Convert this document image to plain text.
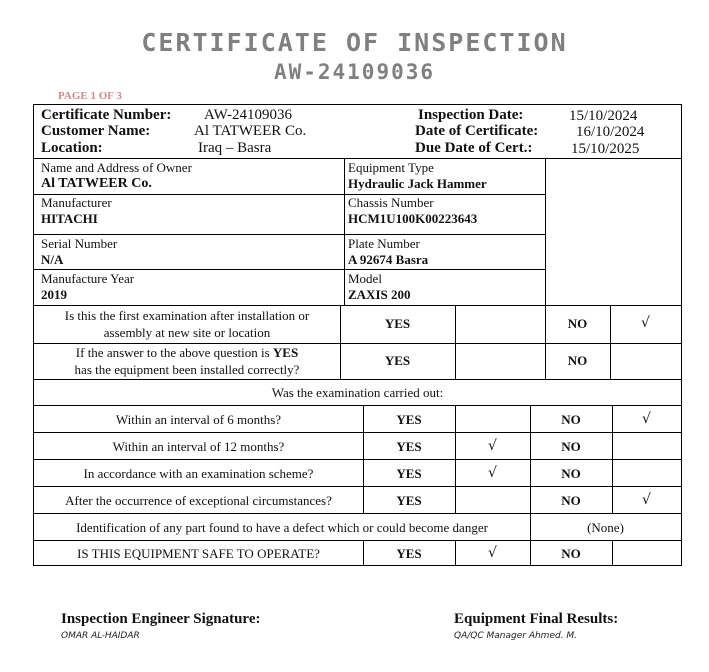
CERTIFICATE OF INSPECTION
AW-24109036
PAGE 1 OF 3
Certificate Number: AW-24109036
Customer Name:	Al TATWEER Co.
Location:	Iraq – Basra
Inspection Date:	15/10/2024
Date of Certificate:	16/10/2024
Due Date of Cert.:	15/10/2025
Name and Address of Owner
Al TATWEER Co.
Equipment Type
Hydraulic Jack Hammer
Manufacturer
HITACHI
Chassis Number
HCM1U100K00223643
Serial Number
N/A
Plate Number
A 92674 Basra
Manufacture Year
2019
Model
ZAXIS 200
Is this the first examination after installation or
assembly at new site or location
YES	NO	√
If the answer to the above question is YES
has the equipment been installed correctly?
YES	NO
Was the examination carried out:
Within an interval of 6 months?	YES	NO	√
Within an interval of 12 months?	YES	√	NO
In accordance with an examination scheme?	YES	√	NO
After the occurrence of exceptional circumstances?	YES	NO	√
Identification of any part found to have a defect which or could become danger	(None)
IS THIS EQUIPMENT SAFE TO OPERATE?	YES	√	NO
Inspection Engineer Signature:
OMAR AL-HAIDAR
Equipment Final Results:
QA/QC Manager Ahmed. M.
